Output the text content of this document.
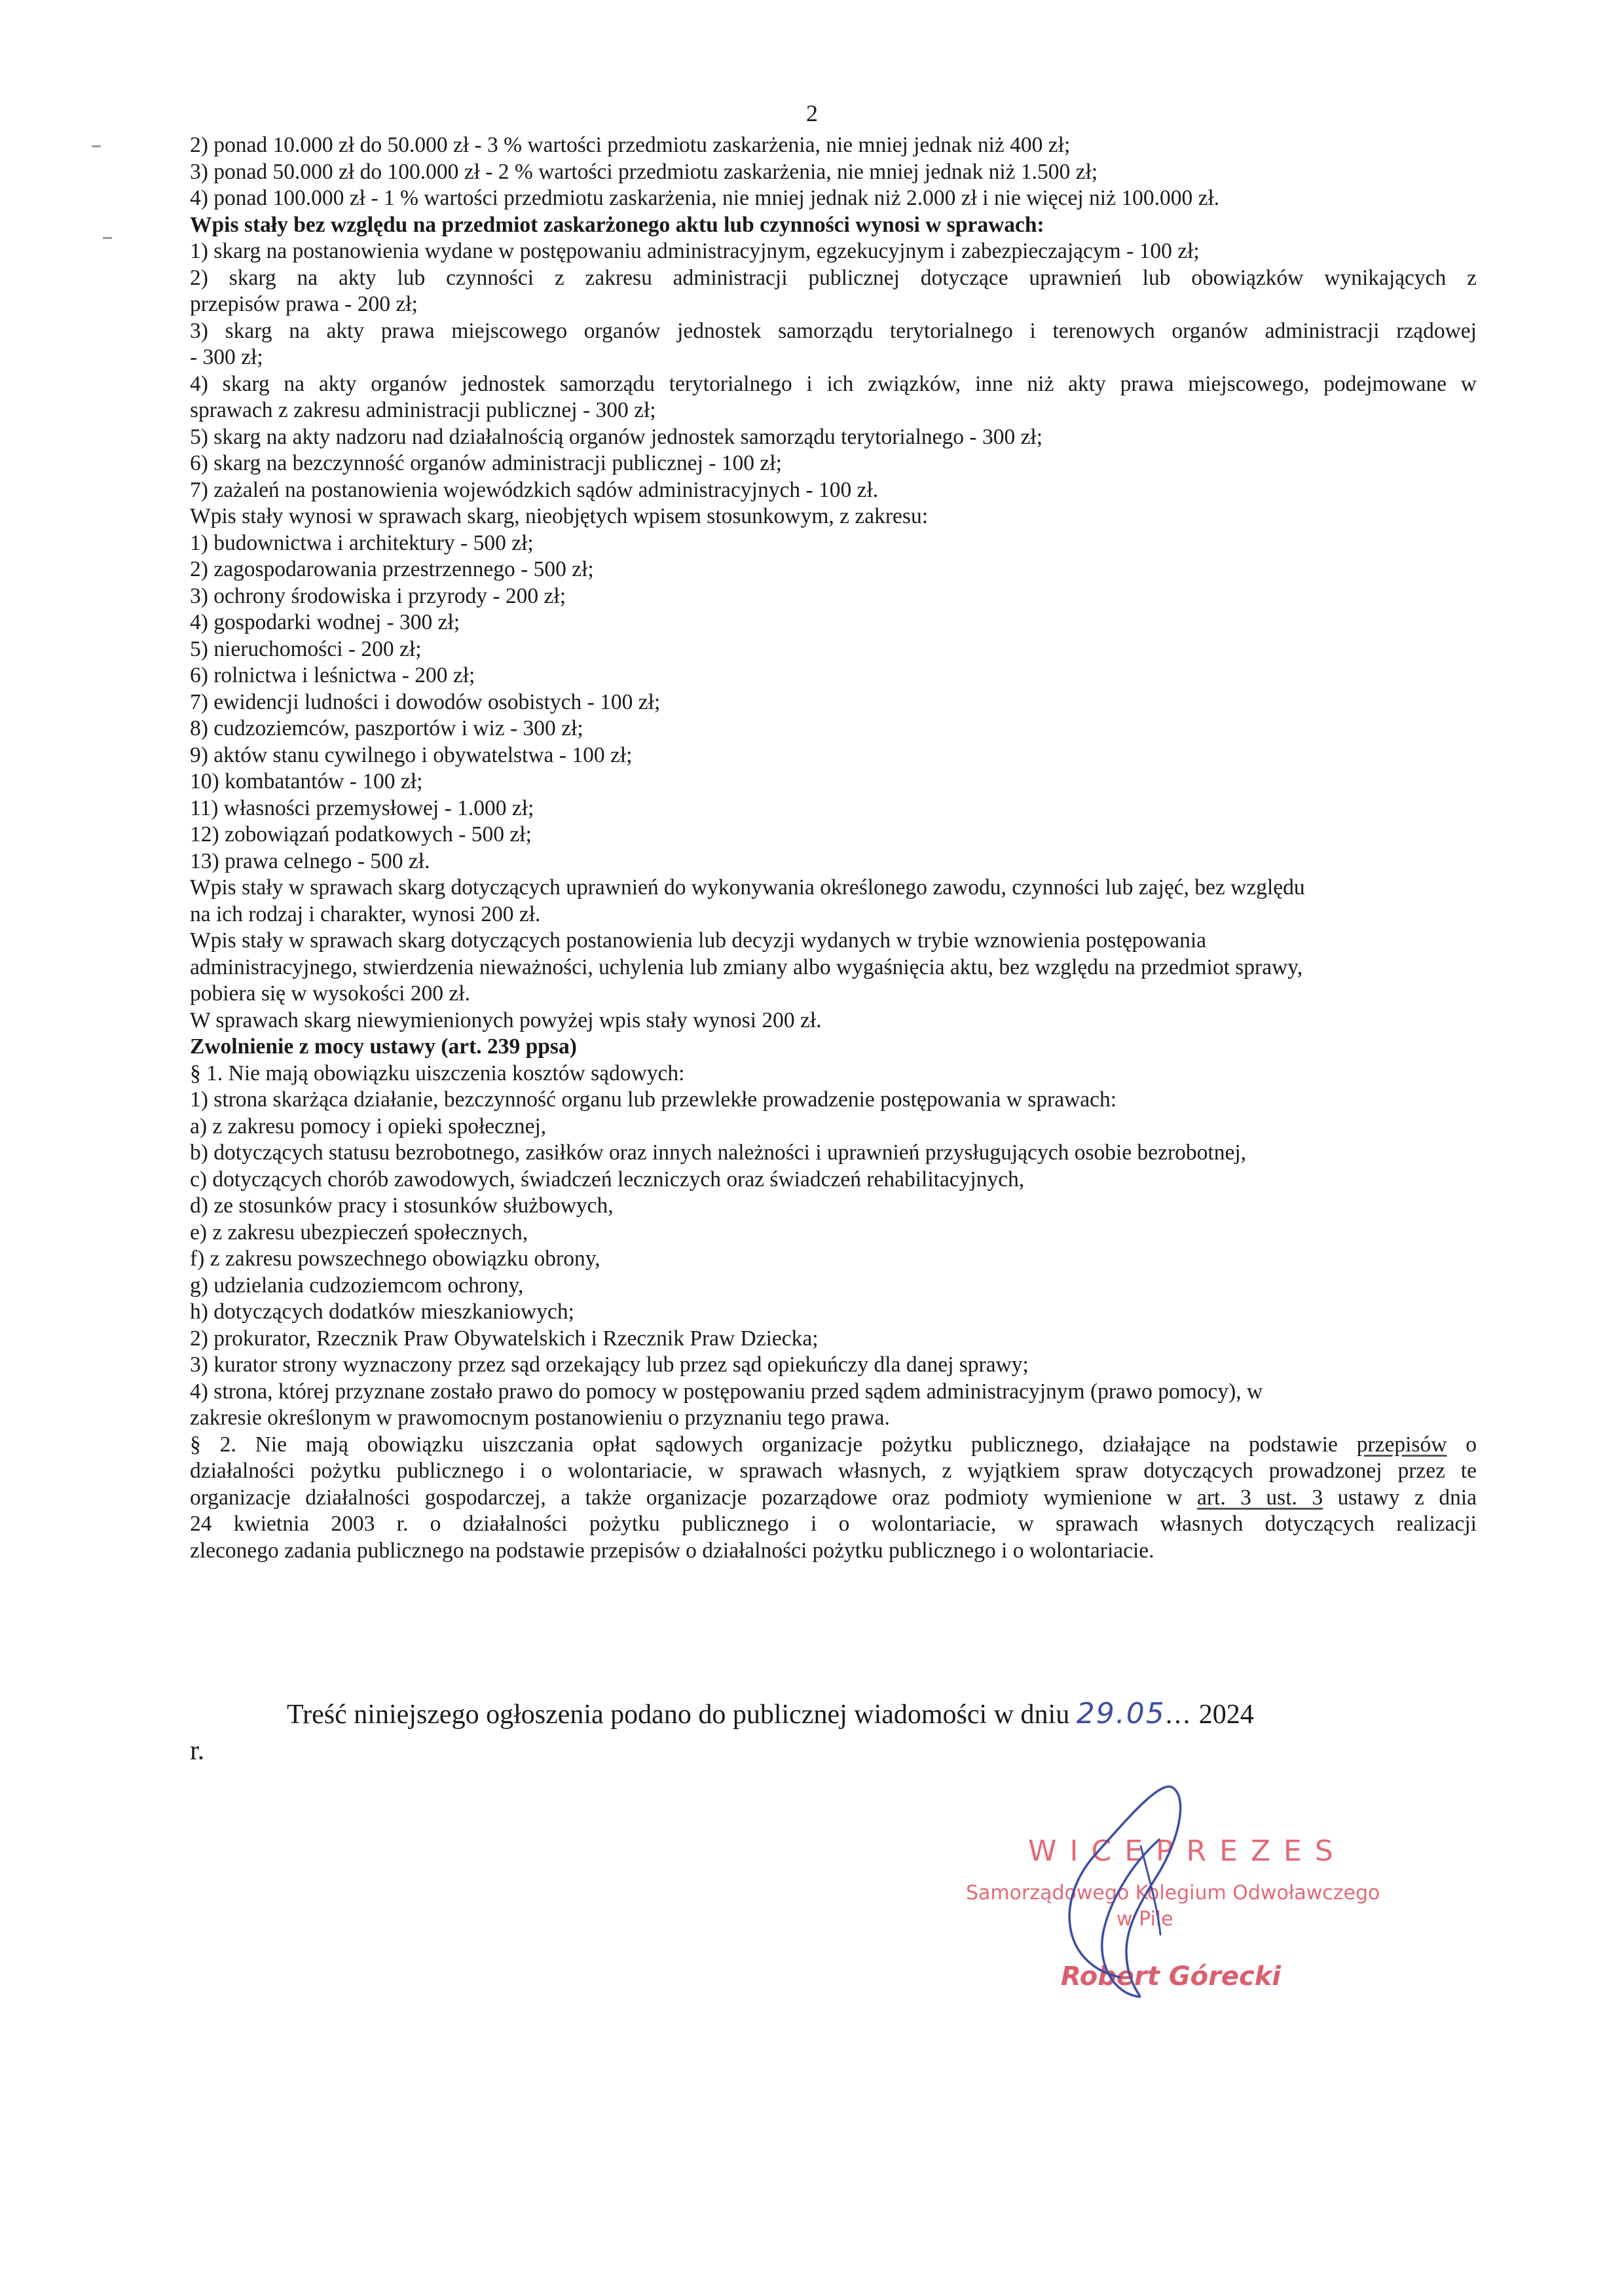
2
2) ponad 10.000 zł do 50.000 zł - 3 % wartości przedmiotu zaskarżenia, nie mniej jednak niż 400 zł;
3) ponad 50.000 zł do 100.000 zł - 2 % wartości przedmiotu zaskarżenia, nie mniej jednak niż 1.500 zł;
4) ponad 100.000 zł - 1 % wartości przedmiotu zaskarżenia, nie mniej jednak niż 2.000 zł i nie więcej niż 100.000 zł.
Wpis stały bez względu na przedmiot zaskarżonego aktu lub czynności wynosi w sprawach:
1) skarg na postanowienia wydane w postępowaniu administracyjnym, egzekucyjnym i zabezpieczającym - 100 zł;
2) skarg na akty lub czynności z zakresu administracji publicznej dotyczące uprawnień lub obowiązków wynikających z
przepisów prawa - 200 zł;
3) skarg na akty prawa miejscowego organów jednostek samorządu terytorialnego i terenowych organów administracji rządowej
- 300 zł;
4) skarg na akty organów jednostek samorządu terytorialnego i ich związków, inne niż akty prawa miejscowego, podejmowane w
sprawach z zakresu administracji publicznej - 300 zł;
5) skarg na akty nadzoru nad działalnością organów jednostek samorządu terytorialnego - 300 zł;
6) skarg na bezczynność organów administracji publicznej - 100 zł;
7) zażaleń na postanowienia wojewódzkich sądów administracyjnych - 100 zł.
Wpis stały wynosi w sprawach skarg, nieobjętych wpisem stosunkowym, z zakresu:
1) budownictwa i architektury - 500 zł;
2) zagospodarowania przestrzennego - 500 zł;
3) ochrony środowiska i przyrody - 200 zł;
4) gospodarki wodnej - 300 zł;
5) nieruchomości - 200 zł;
6) rolnictwa i leśnictwa - 200 zł;
7) ewidencji ludności i dowodów osobistych - 100 zł;
8) cudzoziemców, paszportów i wiz - 300 zł;
9) aktów stanu cywilnego i obywatelstwa - 100 zł;
10) kombatantów - 100 zł;
11) własności przemysłowej - 1.000 zł;
12) zobowiązań podatkowych - 500 zł;
13) prawa celnego - 500 zł.
Wpis stały w sprawach skarg dotyczących uprawnień do wykonywania określonego zawodu, czynności lub zajęć, bez względu
na ich rodzaj i charakter, wynosi 200 zł.
Wpis stały w sprawach skarg dotyczących postanowienia lub decyzji wydanych w trybie wznowienia postępowania
administracyjnego, stwierdzenia nieważności, uchylenia lub zmiany albo wygaśnięcia aktu, bez względu na przedmiot sprawy,
pobiera się w wysokości 200 zł.
W sprawach skarg niewymienionych powyżej wpis stały wynosi 200 zł.
Zwolnienie z mocy ustawy (art. 239 ppsa)
§ 1. Nie mają obowiązku uiszczenia kosztów sądowych:
1) strona skarżąca działanie, bezczynność organu lub przewlekłe prowadzenie postępowania w sprawach:
a) z zakresu pomocy i opieki społecznej,
b) dotyczących statusu bezrobotnego, zasiłków oraz innych należności i uprawnień przysługujących osobie bezrobotnej,
c) dotyczących chorób zawodowych, świadczeń leczniczych oraz świadczeń rehabilitacyjnych,
d) ze stosunków pracy i stosunków służbowych,
e) z zakresu ubezpieczeń społecznych,
f) z zakresu powszechnego obowiązku obrony,
g) udzielania cudzoziemcom ochrony,
h) dotyczących dodatków mieszkaniowych;
2) prokurator, Rzecznik Praw Obywatelskich i Rzecznik Praw Dziecka;
3) kurator strony wyznaczony przez sąd orzekający lub przez sąd opiekuńczy dla danej sprawy;
4) strona, której przyznane zostało prawo do pomocy w postępowaniu przed sądem administracyjnym (prawo pomocy), w
zakresie określonym w prawomocnym postanowieniu o przyznaniu tego prawa.
§ 2. Nie mają obowiązku uiszczania opłat sądowych organizacje pożytku publicznego, działające na podstawie przepisów o
działalności pożytku publicznego i o wolontariacie, w sprawach własnych, z wyjątkiem spraw dotyczących prowadzonej przez te
organizacje działalności gospodarczej, a także organizacje pozarządowe oraz podmioty wymienione w art. 3 ust. 3 ustawy z dnia
24 kwietnia 2003 r. o działalności pożytku publicznego i o wolontariacie, w sprawach własnych dotyczących realizacji
zleconego zadania publicznego na podstawie przepisów o działalności pożytku publicznego i o wolontariacie.
Treść niniejszego ogłoszenia podano do publicznej wiadomości w dniu 29.05... 2024
r.
WICEPREZES
Samorządowego Kolegium Odwoławczego
w Pile
Robert Górecki
